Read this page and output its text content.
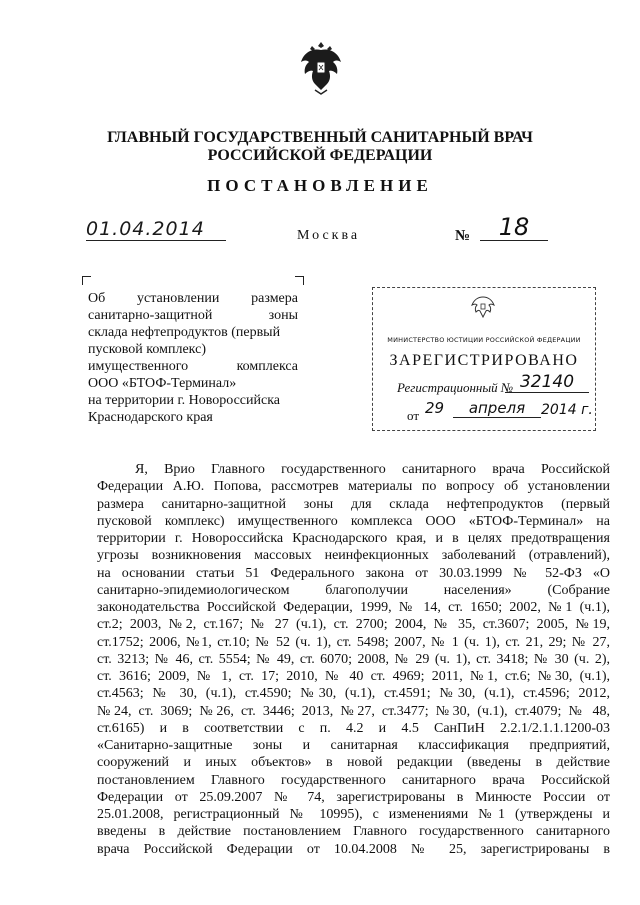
ГЛАВНЫЙ ГОСУДАРСТВЕННЫЙ САНИТАРНЫЙ ВРАЧ
РОССИЙСКОЙ ФЕДЕРАЦИИ
ПОСТАНОВЛЕНИЕ
01.04.2014	Москва	№	18
Об установлении размера
санитарно-защитной зоны
склада нефтепродуктов (первый
пусковой комплекс)
имущественного комплекса
ООО «БТОФ-Терминал»
на территории г. Новороссийска
Краснодарского края
МИНИСТЕРСТВО ЮСТИЦИИ РОССИЙСКОЙ ФЕДЕРАЦИИ
ЗАРЕГИСТРИРОВАНО
Регистрационный № 32140
от 29	апреля	2014 г.
Я, Врио Главного государственного санитарного врача Российской
Федерации А.Ю. Попова, рассмотрев материалы по вопросу об установлении
размера санитарно-защитной зоны для склада нефтепродуктов (первый
пусковой комплекс) имущественного комплекса ООО «БТОФ-Терминал» на
территории г. Новороссийска Краснодарского края, и в целях предотвращения
угрозы возникновения массовых неинфекционных заболеваний (отравлений),
на основании статьи 51 Федерального закона от 30.03.1999 № 52-ФЗ «О
санитарно-эпидемиологическом благополучии населения» (Собрание
законодательства Российской Федерации, 1999, № 14, ст. 1650; 2002, №1 (ч.1),
ст.2; 2003, №2, ст.167; № 27 (ч.1), ст. 2700; 2004, № 35, ст.3607; 2005, №19,
ст.1752; 2006, №1, ст.10; № 52 (ч. 1), ст. 5498; 2007, № 1 (ч. 1), ст. 21, 29; № 27,
ст. 3213; № 46, ст. 5554; № 49, ст. 6070; 2008, № 29 (ч. 1), ст. 3418; № 30 (ч. 2),
ст. 3616; 2009, № 1, ст. 17; 2010, № 40 ст. 4969; 2011, №1, ст.6; №30, (ч.1),
ст.4563; № 30, (ч.1), ст.4590; №30, (ч.1), ст.4591; №30, (ч.1), ст.4596; 2012,
№24, ст. 3069; №26, ст. 3446; 2013, №27, ст.3477; №30, (ч.1), ст.4079; № 48,
ст.6165) и в соответствии с п. 4.2 и 4.5 СанПиН 2.2.1/2.1.1.1200-03
«Санитарно-защитные зоны и санитарная классификация предприятий,
сооружений и иных объектов» в новой редакции (введены в действие
постановлением Главного государственного санитарного врача Российской
Федерации от 25.09.2007 № 74, зарегистрированы в Минюсте России от
25.01.2008, регистрационный № 10995), с изменениями №1 (утверждены и
введены в действие постановлением Главного государственного санитарного
врача Российской Федерации от 10.04.2008 № 25, зарегистрированы в
